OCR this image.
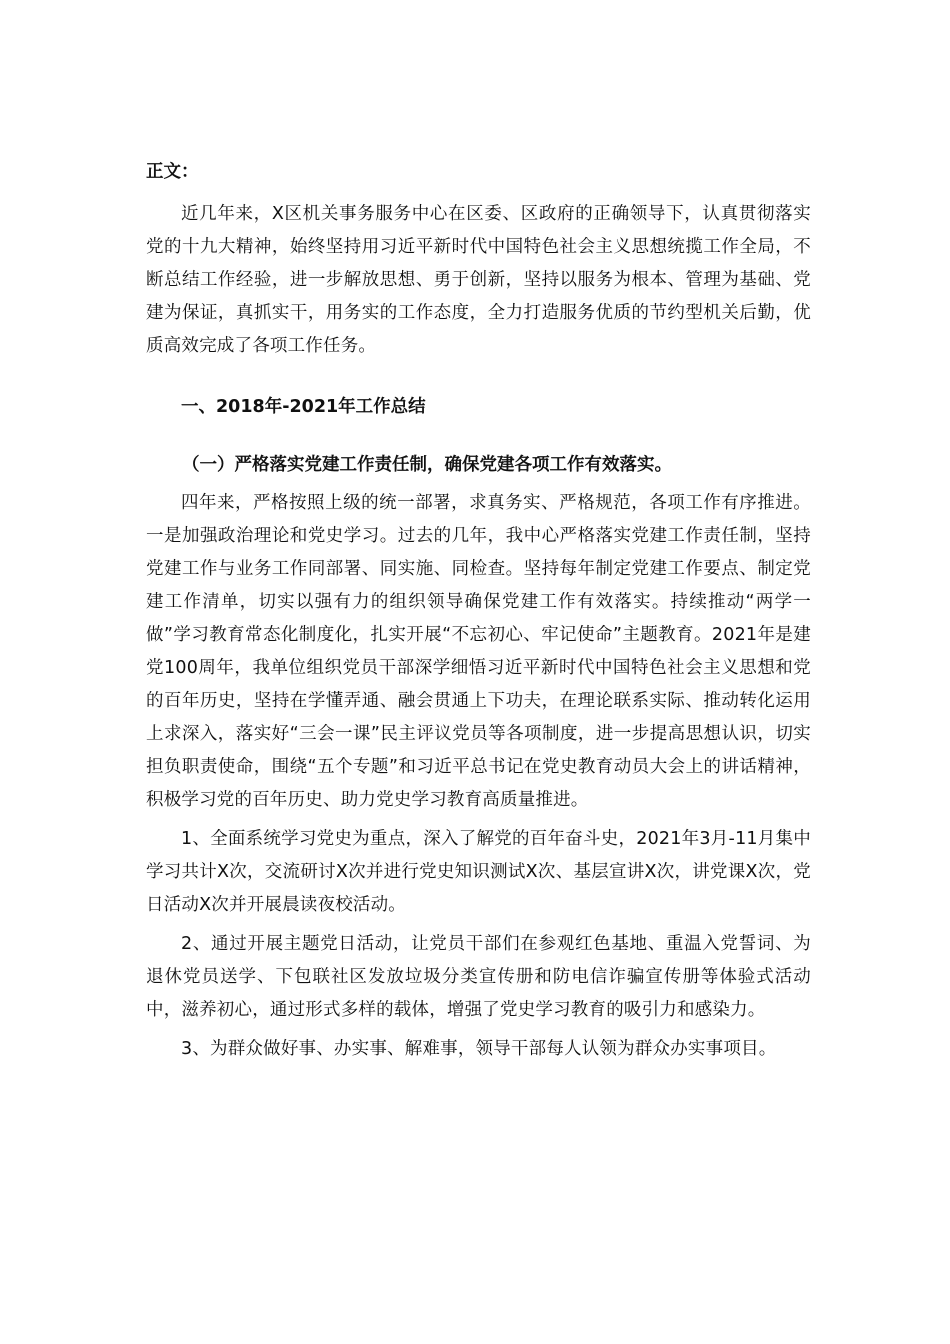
正文：

近几年来，X区机关事务服务中心在区委、区政府的正确领导下，认真贯彻落实党的十九大精神，始终坚持用习近平新时代中国特色社会主义思想统揽工作全局，不断总结工作经验，进一步解放思想、勇于创新，坚持以服务为根本、管理为基础、党建为保证，真抓实干，用务实的工作态度，全力打造服务优质的节约型机关后勤，优质高效完成了各项工作任务。

一、2018年-2021年工作总结

（一）严格落实党建工作责任制，确保党建各项工作有效落实。

四年来，严格按照上级的统一部署，求真务实、严格规范，各项工作有序推进。一是加强政治理论和党史学习。过去的几年，我中心严格落实党建工作责任制，坚持党建工作与业务工作同部署、同实施、同检查。坚持每年制定党建工作要点、制定党建工作清单，切实以强有力的组织领导确保党建工作有效落实。持续推动“两学一做”学习教育常态化制度化，扎实开展“不忘初心、牢记使命”主题教育。2021年是建党100周年，我单位组织党员干部深学细悟习近平新时代中国特色社会主义思想和党的百年历史，坚持在学懂弄通、融会贯通上下功夫，在理论联系实际、推动转化运用上求深入，落实好“三会一课”民主评议党员等各项制度，进一步提高思想认识，切实担负职责使命，围绕“五个专题”和习近平总书记在党史教育动员大会上的讲话精神，积极学习党的百年历史、助力党史学习教育高质量推进。

1、全面系统学习党史为重点，深入了解党的百年奋斗史，2021年3月-11月集中学习共计X次，交流研讨X次并进行党史知识测试X次、基层宣讲X次，讲党课X次，党日活动X次并开展晨读夜校活动。

2、通过开展主题党日活动，让党员干部们在参观红色基地、重温入党誓词、为退休党员送学、下包联社区发放垃圾分类宣传册和防电信诈骗宣传册等体验式活动中，滋养初心，通过形式多样的载体，增强了党史学习教育的吸引力和感染力。

3、为群众做好事、办实事、解难事，领导干部每人认领为群众办实事项目。
